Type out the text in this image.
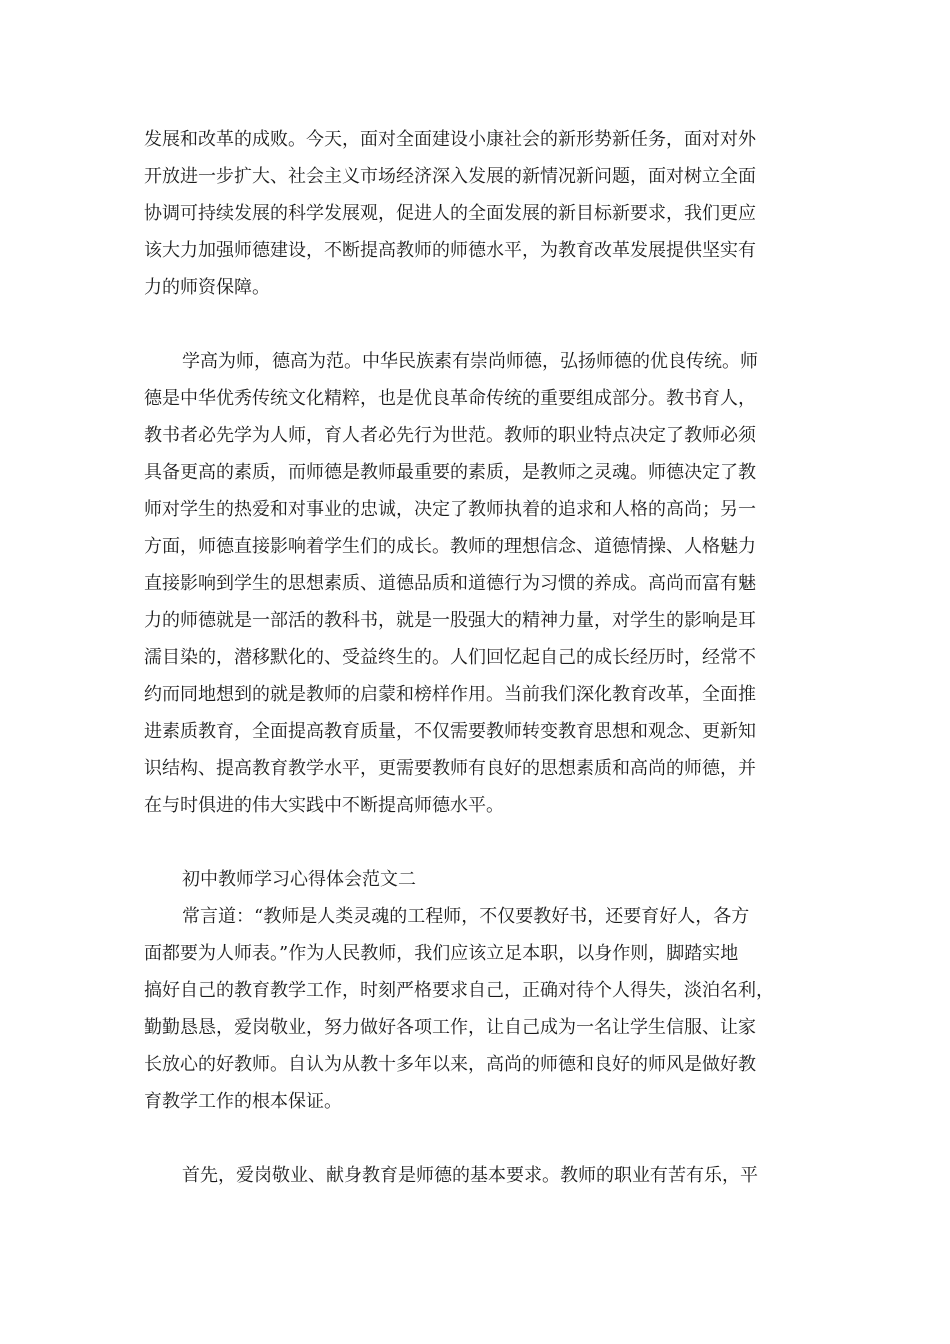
发展和改革的成败。今天，面对全面建设小康社会的新形势新任务，面对对外
开放进一步扩大、社会主义市场经济深入发展的新情况新问题，面对树立全面
协调可持续发展的科学发展观，促进人的全面发展的新目标新要求，我们更应
该大力加强师德建设，不断提高教师的师德水平，为教育改革发展提供坚实有
力的师资保障。
学高为师，德高为范。中华民族素有崇尚师德，弘扬师德的优良传统。师
德是中华优秀传统文化精粹，也是优良革命传统的重要组成部分。教书育人，
教书者必先学为人师，育人者必先行为世范。教师的职业特点决定了教师必须
具备更高的素质，而师德是教师最重要的素质，是教师之灵魂。师德决定了教
师对学生的热爱和对事业的忠诚，决定了教师执着的追求和人格的高尚；另一
方面，师德直接影响着学生们的成长。教师的理想信念、道德情操、人格魅力
直接影响到学生的思想素质、道德品质和道德行为习惯的养成。高尚而富有魅
力的师德就是一部活的教科书，就是一股强大的精神力量，对学生的影响是耳
濡目染的，潜移默化的、受益终生的。人们回忆起自己的成长经历时，经常不
约而同地想到的就是教师的启蒙和榜样作用。当前我们深化教育改革，全面推
进素质教育，全面提高教育质量，不仅需要教师转变教育思想和观念、更新知
识结构、提高教育教学水平，更需要教师有良好的思想素质和高尚的师德，并
在与时俱进的伟大实践中不断提高师德水平。
初中教师学习心得体会范文二
常言道：“教师是人类灵魂的工程师，不仅要教好书，还要育好人，各方
面都要为人师表。”作为人民教师，我们应该立足本职，以身作则，脚踏实地
搞好自己的教育教学工作，时刻严格要求自己，正确对待个人得失，淡泊名利，
勤勤恳恳，爱岗敬业，努力做好各项工作，让自己成为一名让学生信服、让家
长放心的好教师。自认为从教十多年以来，高尚的师德和良好的师风是做好教
育教学工作的根本保证。
首先，爱岗敬业、献身教育是师德的基本要求。教师的职业有苦有乐，平
